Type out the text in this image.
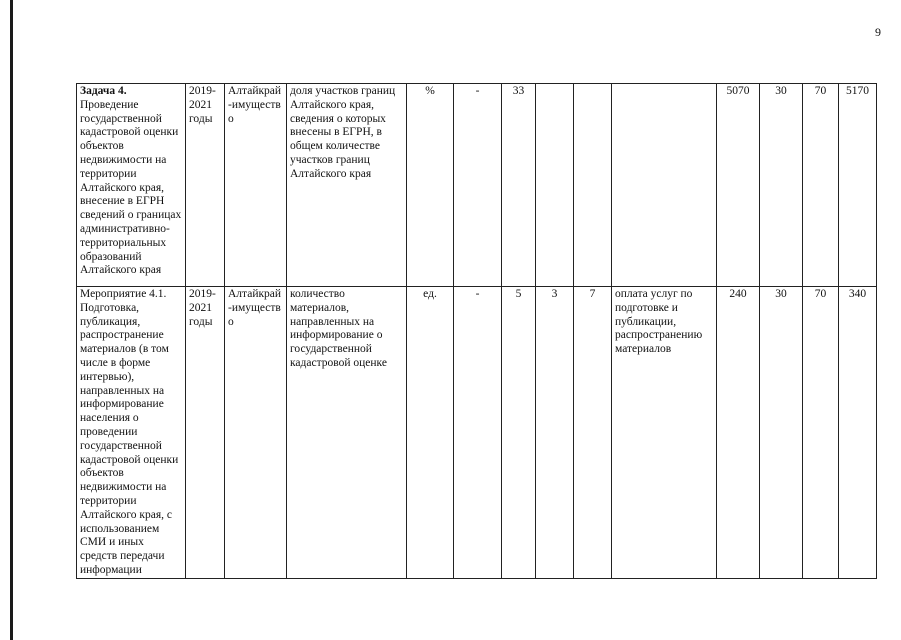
9
Задача 4.
Проведение государственной кадастровой оценки объектов недвижимости на территории Алтайского края, внесение в ЕГРН сведений о границах административно-территориальных образований Алтайского края	2019-2021 годы	Алтайкрай-имущество	доля участков границ Алтайского края, сведения о которых внесены в ЕГРН, в общем количестве участков границ Алтайского края	%	-	33				5070	30	70	5170
Мероприятие 4.1. Подготовка, публикация, распространение материалов (в том числе в форме интервью), направленных на информирование населения о проведении государственной кадастровой оценки объектов недвижимости на территории Алтайского края, с использованием СМИ и иных средств передачи информации	2019-2021 годы	Алтайкрай-имущество	количество материалов, направленных на информирование о государственной кадастровой оценке	ед.	-	5	3	7	оплата услуг по подготовке и публикации, распространению материалов	240	30	70	340
